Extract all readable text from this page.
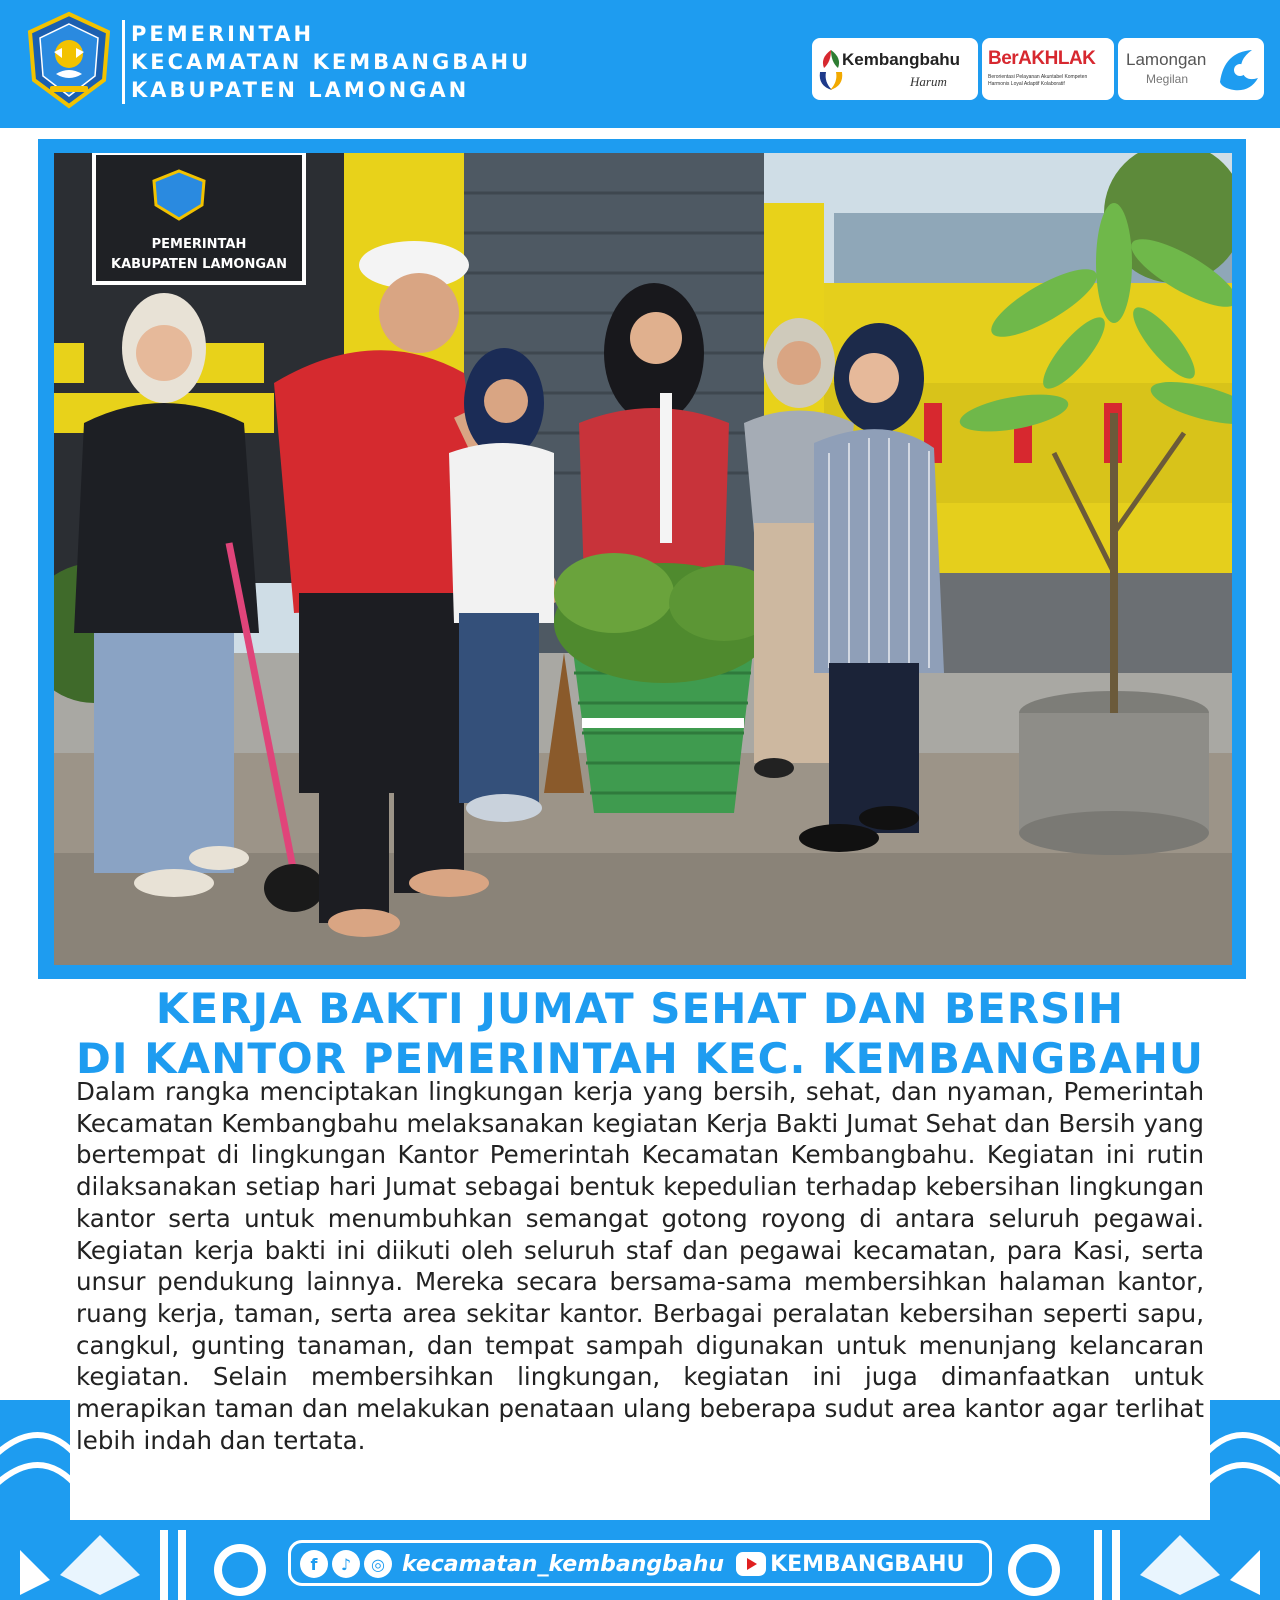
PEMERINTAH
KECAMATAN KEMBANGBAHU
KABUPATEN LAMONGAN
Kembangbahu
Harum
BerAKHLAK
Berorientasi Pelayanan Akuntabel Kompeten Harmonis Loyal Adaptif Kolaboratif
Lamongan
Megilan
PEMERINTAH
KABUPATEN LAMONGAN
KERJA BAKTI JUMAT SEHAT DAN BERSIH
DI KANTOR PEMERINTAH KEC. KEMBANGBAHU
Dalam rangka menciptakan lingkungan kerja yang bersih, sehat, dan nyaman, Pemerintah Kecamatan Kembangbahu melaksanakan kegiatan Kerja Bakti Jumat Sehat dan Bersih yang bertempat di lingkungan Kantor Pemerintah Kecamatan Kembangbahu. Kegiatan ini rutin dilaksanakan setiap hari Jumat sebagai bentuk kepedulian terhadap kebersihan lingkungan kantor serta untuk menumbuhkan semangat gotong royong di antara seluruh pegawai. Kegiatan kerja bakti ini diikuti oleh seluruh staf dan pegawai kecamatan, para Kasi, serta unsur pendukung lainnya. Mereka secara bersama-sama membersihkan halaman kantor, ruang kerja, taman, serta area sekitar kantor. Berbagai peralatan kebersihan seperti sapu, cangkul, gunting tanaman, dan tempat sampah digunakan untuk menunjang kelancaran kegiatan. Selain membersihkan lingkungan, kegiatan ini juga dimanfaatkan untuk merapikan taman dan melakukan penataan ulang beberapa sudut area kantor agar terlihat lebih indah dan tertata.
f	♪	◎ kecamatan_kembangbahu KEMBANGBAHU
